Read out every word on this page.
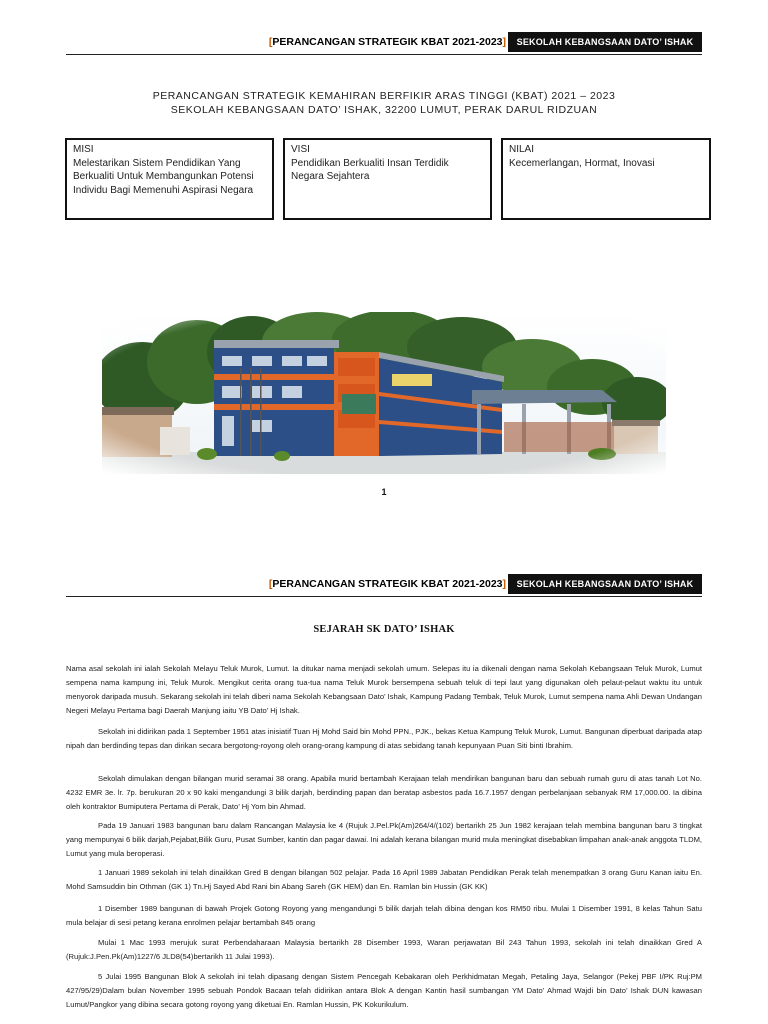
[PERANCANGAN STRATEGIK KBAT 2021-2023]	SEKOLAH KEBANGSAAN DATO’ ISHAK
PERANCANGAN STRATEGIK KEMAHIRAN BERFIKIR ARAS TINGGI (KBAT) 2021 – 2023
SEKOLAH KEBANGSAAN DATO’ ISHAK, 32200 LUMUT, PERAK DARUL RIDZUAN
MISI
Melestarikan Sistem Pendidikan Yang Berkualiti Untuk Membangunkan Potensi Individu Bagi Memenuhi Aspirasi Negara
VISI
Pendidikan Berkualiti Insan Terdidik Negara Sejahtera
NILAI
Kecemerlangan, Hormat, Inovasi
1
[PERANCANGAN STRATEGIK KBAT 2021-2023]	SEKOLAH KEBANGSAAN DATO’ ISHAK
SEJARAH SK DATO’ ISHAK

Nama asal sekolah ini ialah Sekolah Melayu Teluk Murok, Lumut. Ia ditukar nama menjadi sekolah umum. Selepas itu ia dikenali dengan nama Sekolah Kebangsaan Teluk Murok, Lumut sempena nama kampung ini, Teluk Murok. Mengikut cerita orang tua-tua nama Teluk Murok bersempena sebuah teluk di tepi laut yang digunakan oleh pelaut-pelaut waktu itu untuk menyorok daripada musuh. Sekarang sekolah ini telah diberi nama Sekolah Kebangsaan Dato’ Ishak, Kampung Padang Tembak, Teluk Murok, Lumut sempena nama Ahli Dewan Undangan Negeri Melayu Pertama bagi Daerah Manjung iaitu YB Dato’ Hj Ishak.

Sekolah ini didirikan pada 1 September 1951 atas inisiatif Tuan Hj Mohd Said bin Mohd PPN., PJK., bekas Ketua Kampung Teluk Murok, Lumut. Bangunan diperbuat daripada atap nipah dan berdinding tepas dan dirikan secara bergotong-royong oleh orang-orang kampung di atas sebidang tanah kepunyaan Puan Siti binti Ibrahim.

Sekolah dimulakan dengan bilangan murid seramai 38 orang. Apabila murid bertambah Kerajaan telah mendirikan bangunan baru dan sebuah rumah guru di atas tanah Lot No. 4232 EMR 3e. lr. 7p. berukuran 20 x 90 kaki mengandungi 3 bilik darjah, berdinding papan dan beratap asbestos pada 16.7.1957 dengan perbelanjaan sebanyak RM 17,000.00. Ia dibina oleh kontraktor Bumiputera Pertama di Perak, Dato’ Hj Yom bin Ahmad.

Pada 19 Januari 1983 bangunan baru dalam Rancangan Malaysia ke 4 (Rujuk J.Pel.Pk(Am)264/4/(102) bertarikh 25 Jun 1982 kerajaan telah membina bangunan baru 3 tingkat yang mempunyai 6 bilik darjah,Pejabat,Bilik Guru, Pusat Sumber, kantin dan pagar dawai. Ini adalah kerana bilangan murid mula meningkat disebabkan limpahan anak-anak anggota TLDM, Lumut yang mula beroperasi.

1 Januari 1989 sekolah ini telah dinaikkan Gred B dengan bilangan 502 pelajar. Pada 16 April 1989 Jabatan Pendidikan Perak telah menempatkan 3 orang Guru Kanan iaitu En. Mohd Samsuddin bin Othman (GK 1) Tn.Hj Sayed Abd Rani bin Abang Sareh (GK HEM) dan En. Ramlan bin Hussin (GK KK)

1 Disember 1989 bangunan di bawah Projek Gotong Royong yang mengandungi 5 bilik darjah telah dibina dengan kos RM50 ribu. Mulai 1 Disember 1991, 8 kelas Tahun Satu mula belajar di sesi petang kerana enrolmen pelajar bertambah 845 orang

Mulai 1 Mac 1993 merujuk surat Perbendaharaan Malaysia bertarikh 28 Disember 1993, Waran perjawatan Bil 243 Tahun 1993, sekolah ini telah dinaikkan Gred A (Rujuk:J.Pen.Pk(Am)1227/6 JLD8(54)bertarikh 11 Julai 1993).

5 Julai 1995 Bangunan Blok A sekolah ini telah dipasang dengan Sistem Pencegah Kebakaran oleh Perkhidmatan Megah, Petaling Jaya, Selangor (Pekej PBF I/PK Ruj:PM 427/95/29)Dalam bulan November 1995 sebuah Pondok Bacaan telah didirikan antara Blok A dengan Kantin hasil sumbangan YM Dato’ Ahmad Wajdi bin Dato’ Ishak DUN kawasan Lumut/Pangkor yang dibina secara gotong royong yang diketuai En. Ramlan Hussin, PK Kokurikulum.
